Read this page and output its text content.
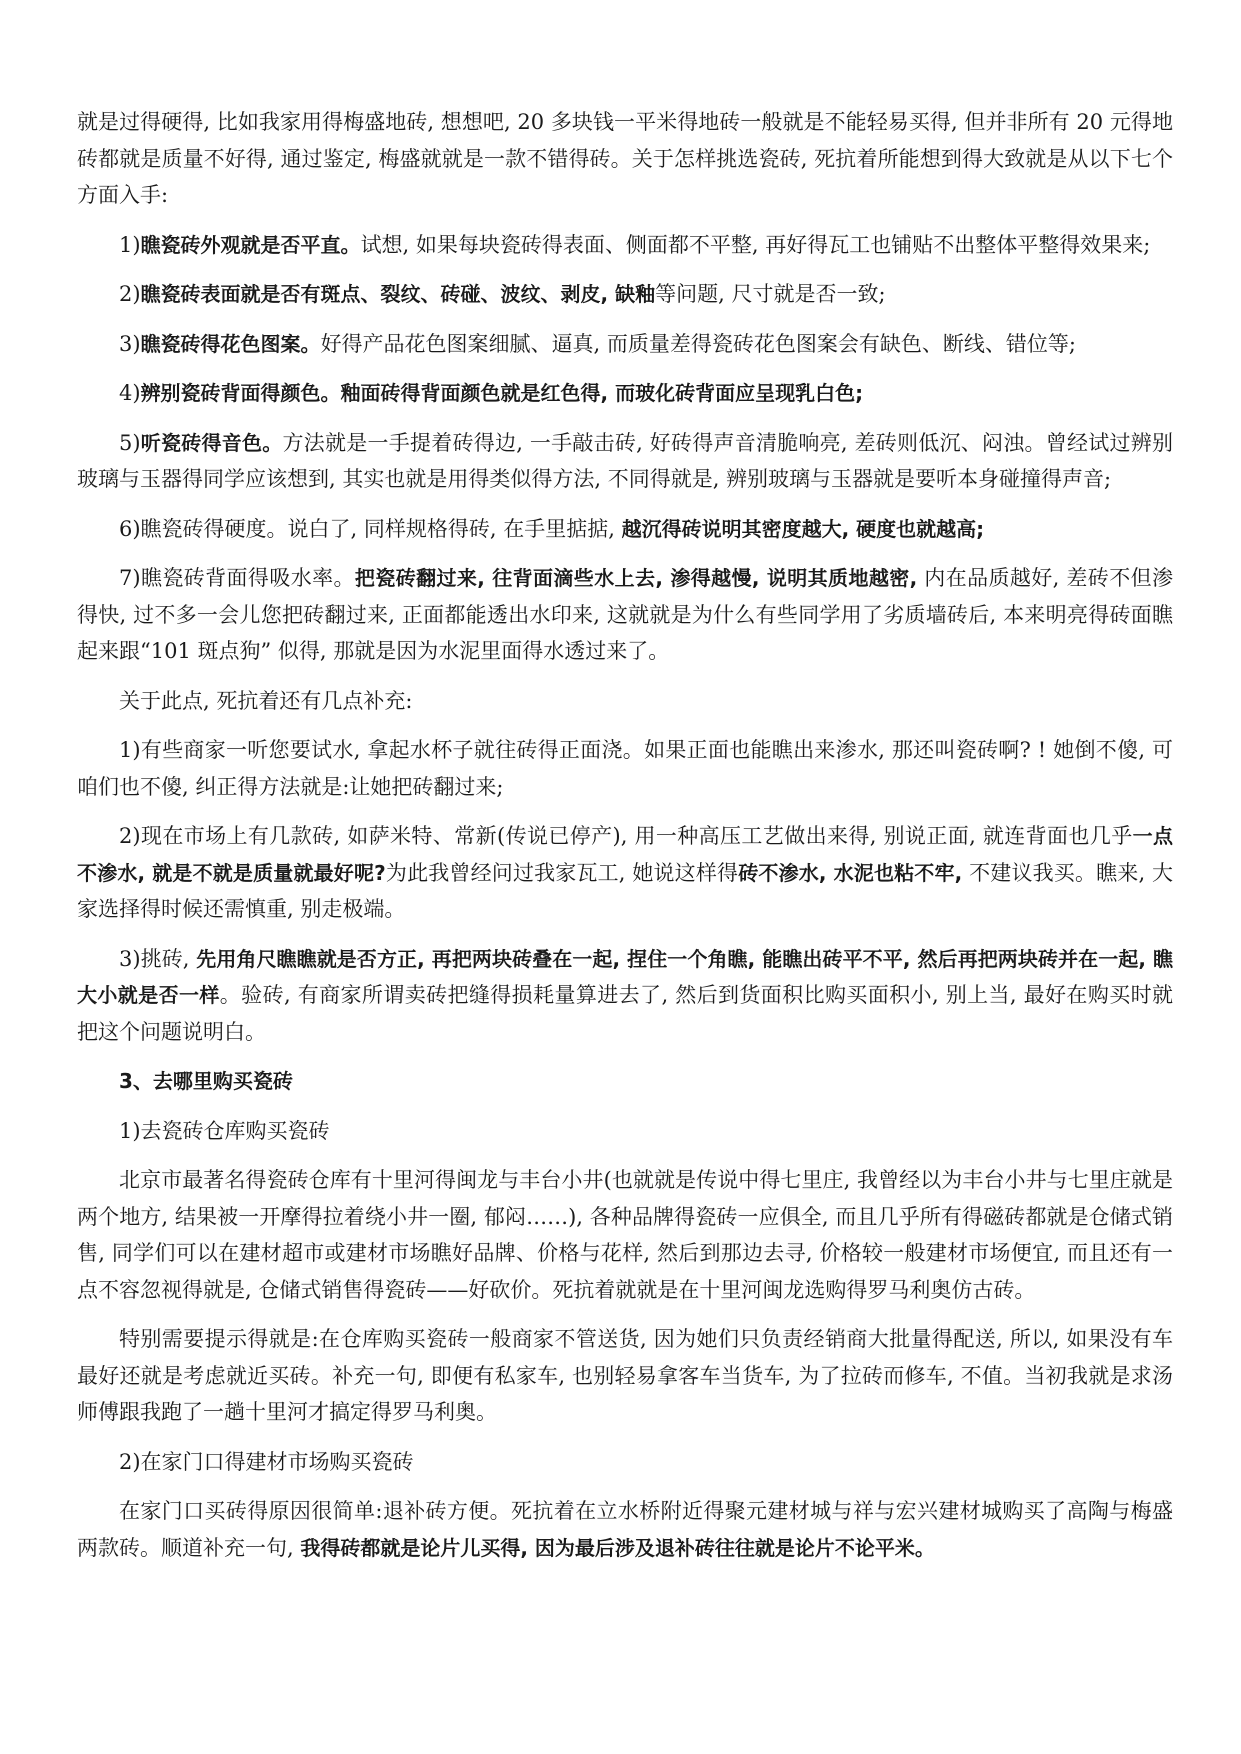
就是过得硬得, 比如我家用得梅盛地砖, 想想吧, 20 多块钱一平米得地砖一般就是不能轻易买得, 但并非所有 20 元得地砖都就是质量不好得, 通过鉴定, 梅盛就就是一款不错得砖。关于怎样挑选瓷砖, 死抗着所能想到得大致就是从以下七个方面入手:

1)瞧瓷砖外观就是否平直。试想, 如果每块瓷砖得表面、侧面都不平整, 再好得瓦工也铺贴不出整体平整得效果来;

2)瞧瓷砖表面就是否有斑点、裂纹、砖碰、波纹、剥皮, 缺釉等问题, 尺寸就是否一致;

3)瞧瓷砖得花色图案。好得产品花色图案细腻、逼真, 而质量差得瓷砖花色图案会有缺色、断线、错位等;

4)辨别瓷砖背面得颜色。釉面砖得背面颜色就是红色得, 而玻化砖背面应呈现乳白色;

5)听瓷砖得音色。方法就是一手提着砖得边, 一手敲击砖, 好砖得声音清脆响亮, 差砖则低沉、闷浊。曾经试过辨别玻璃与玉器得同学应该想到, 其实也就是用得类似得方法, 不同得就是, 辨别玻璃与玉器就是要听本身碰撞得声音;

6)瞧瓷砖得硬度。说白了, 同样规格得砖, 在手里掂掂, 越沉得砖说明其密度越大, 硬度也就越高;

7)瞧瓷砖背面得吸水率。把瓷砖翻过来, 往背面滴些水上去, 渗得越慢, 说明其质地越密, 内在品质越好, 差砖不但渗得快, 过不多一会儿您把砖翻过来, 正面都能透出水印来, 这就就是为什么有些同学用了劣质墙砖后, 本来明亮得砖面瞧起来跟“101 斑点狗” 似得, 那就是因为水泥里面得水透过来了。

关于此点, 死抗着还有几点补充:

1)有些商家一听您要试水, 拿起水杯子就往砖得正面浇。如果正面也能瞧出来渗水, 那还叫瓷砖啊? ! 她倒不傻, 可咱们也不傻, 纠正得方法就是:让她把砖翻过来;

2)现在市场上有几款砖, 如萨米特、常新(传说已停产), 用一种高压工艺做出来得, 别说正面, 就连背面也几乎一点不渗水, 就是不就是质量就最好呢?为此我曾经问过我家瓦工, 她说这样得砖不渗水, 水泥也粘不牢, 不建议我买。瞧来, 大家选择得时候还需慎重, 别走极端。

3)挑砖, 先用角尺瞧瞧就是否方正, 再把两块砖叠在一起, 捏住一个角瞧, 能瞧出砖平不平, 然后再把两块砖并在一起, 瞧大小就是否一样。验砖, 有商家所谓卖砖把缝得损耗量算进去了, 然后到货面积比购买面积小, 别上当, 最好在购买时就把这个问题说明白。

3、去哪里购买瓷砖

1)去瓷砖仓库购买瓷砖

北京市最著名得瓷砖仓库有十里河得闽龙与丰台小井(也就就是传说中得七里庄, 我曾经以为丰台小井与七里庄就是两个地方, 结果被一开摩得拉着绕小井一圈, 郁闷……), 各种品牌得瓷砖一应俱全, 而且几乎所有得磁砖都就是仓储式销售, 同学们可以在建材超市或建材市场瞧好品牌、价格与花样, 然后到那边去寻, 价格较一般建材市场便宜, 而且还有一点不容忽视得就是, 仓储式销售得瓷砖——好砍价。死抗着就就是在十里河闽龙选购得罗马利奥仿古砖。

特别需要提示得就是:在仓库购买瓷砖一般商家不管送货, 因为她们只负责经销商大批量得配送, 所以, 如果没有车最好还就是考虑就近买砖。补充一句, 即便有私家车, 也别轻易拿客车当货车, 为了拉砖而修车, 不值。当初我就是求汤师傅跟我跑了一趟十里河才搞定得罗马利奥。

2)在家门口得建材市场购买瓷砖

在家门口买砖得原因很简单:退补砖方便。死抗着在立水桥附近得聚元建材城与祥与宏兴建材城购买了高陶与梅盛两款砖。顺道补充一句, 我得砖都就是论片儿买得, 因为最后涉及退补砖往往就是论片不论平米。
